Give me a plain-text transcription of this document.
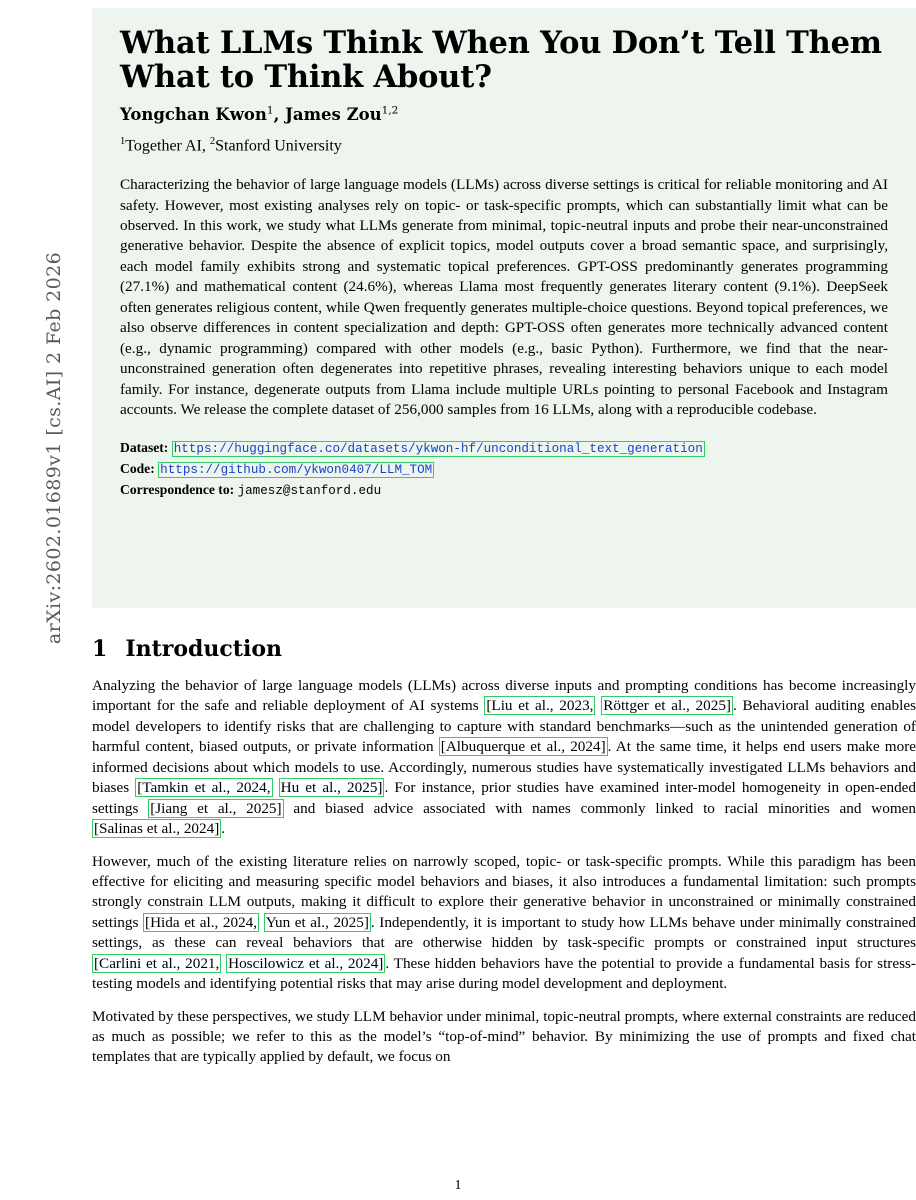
arXiv:2602.01689v1 [cs.AI] 2 Feb 2026
What LLMs Think When You Don’t Tell Them What to Think About?
Yongchan Kwon$^1$, James Zou$^{1,2}$
$^1$Together AI, $^2$Stanford University

Characterizing the behavior of large language models (LLMs) across diverse settings is critical for reliable monitoring and AI safety. However, most existing analyses rely on topic- or task-specific prompts, which can substantially limit what can be observed. In this work, we study what LLMs generate from minimal, topic-neutral inputs and probe their near-unconstrained generative behavior. Despite the absence of explicit topics, model outputs cover a broad semantic space, and surprisingly, each model family exhibits strong and systematic topical preferences. GPT-OSS predominantly generates programming (27.1%) and mathematical content (24.6%), whereas Llama most frequently generates literary content (9.1%). DeepSeek often generates religious content, while Qwen frequently generates multiple-choice questions. Beyond topical preferences, we also observe differences in content specialization and depth: GPT-OSS often generates more technically advanced content (e.g., dynamic programming) compared with other models (e.g., basic Python). Furthermore, we find that the near-unconstrained generation often degenerates into repetitive phrases, revealing interesting behaviors unique to each model family. For instance, degenerate outputs from Llama include multiple URLs pointing to personal Facebook and Instagram accounts. We release the complete dataset of 256,000 samples from 16 LLMs, along with a reproducible codebase.

Dataset: https://huggingface.co/datasets/ykwon-hf/unconditional_text_generation
Code: https://github.com/ykwon0407/LLM_TOM
Correspondence to: jamesz@stanford.edu
1 Introduction

Analyzing the behavior of large language models (LLMs) across diverse inputs and prompting conditions has become increasingly important for the safe and reliable deployment of AI systems [Liu et al., 2023, Röttger et al., 2025] . Behavioral auditing enables model developers to identify risks that are challenging to capture with standard benchmarks—such as the unintended generation of harmful content, biased outputs, or private information [Albuquerque et al., 2024] . At the same time, it helps end users make more informed decisions about which models to use. Accordingly, numerous studies have systematically investigated LLMs behaviors and biases [Tamkin et al., 2024, Hu et al., 2025] . For instance, prior studies have examined inter-model homogeneity in open-ended settings [Jiang et al., 2025] and biased advice associated with names commonly linked to racial minorities and women [Salinas et al., 2024] .

However, much of the existing literature relies on narrowly scoped, topic- or task-specific prompts. While this paradigm has been effective for eliciting and measuring specific model behaviors and biases, it also introduces a fundamental limitation: such prompts strongly constrain LLM outputs, making it difficult to explore their generative behavior in unconstrained or minimally constrained settings [Hida et al., 2024, Yun et al., 2025] . Independently, it is important to study how LLMs behave under minimally constrained settings, as these can reveal behaviors that are otherwise hidden by task-specific prompts or constrained input structures [Carlini et al., 2021, Hoscilowicz et al., 2024] . These hidden behaviors have the potential to provide a fundamental basis for stress-testing models and identifying potential risks that may arise during model development and deployment.

Motivated by these perspectives, we study LLM behavior under minimal, topic-neutral prompts, where external constraints are reduced as much as possible; we refer to this as the model’s “top-of-mind” behavior. By minimizing the use of prompts and fixed chat templates that are typically applied by default, we focus on

1
